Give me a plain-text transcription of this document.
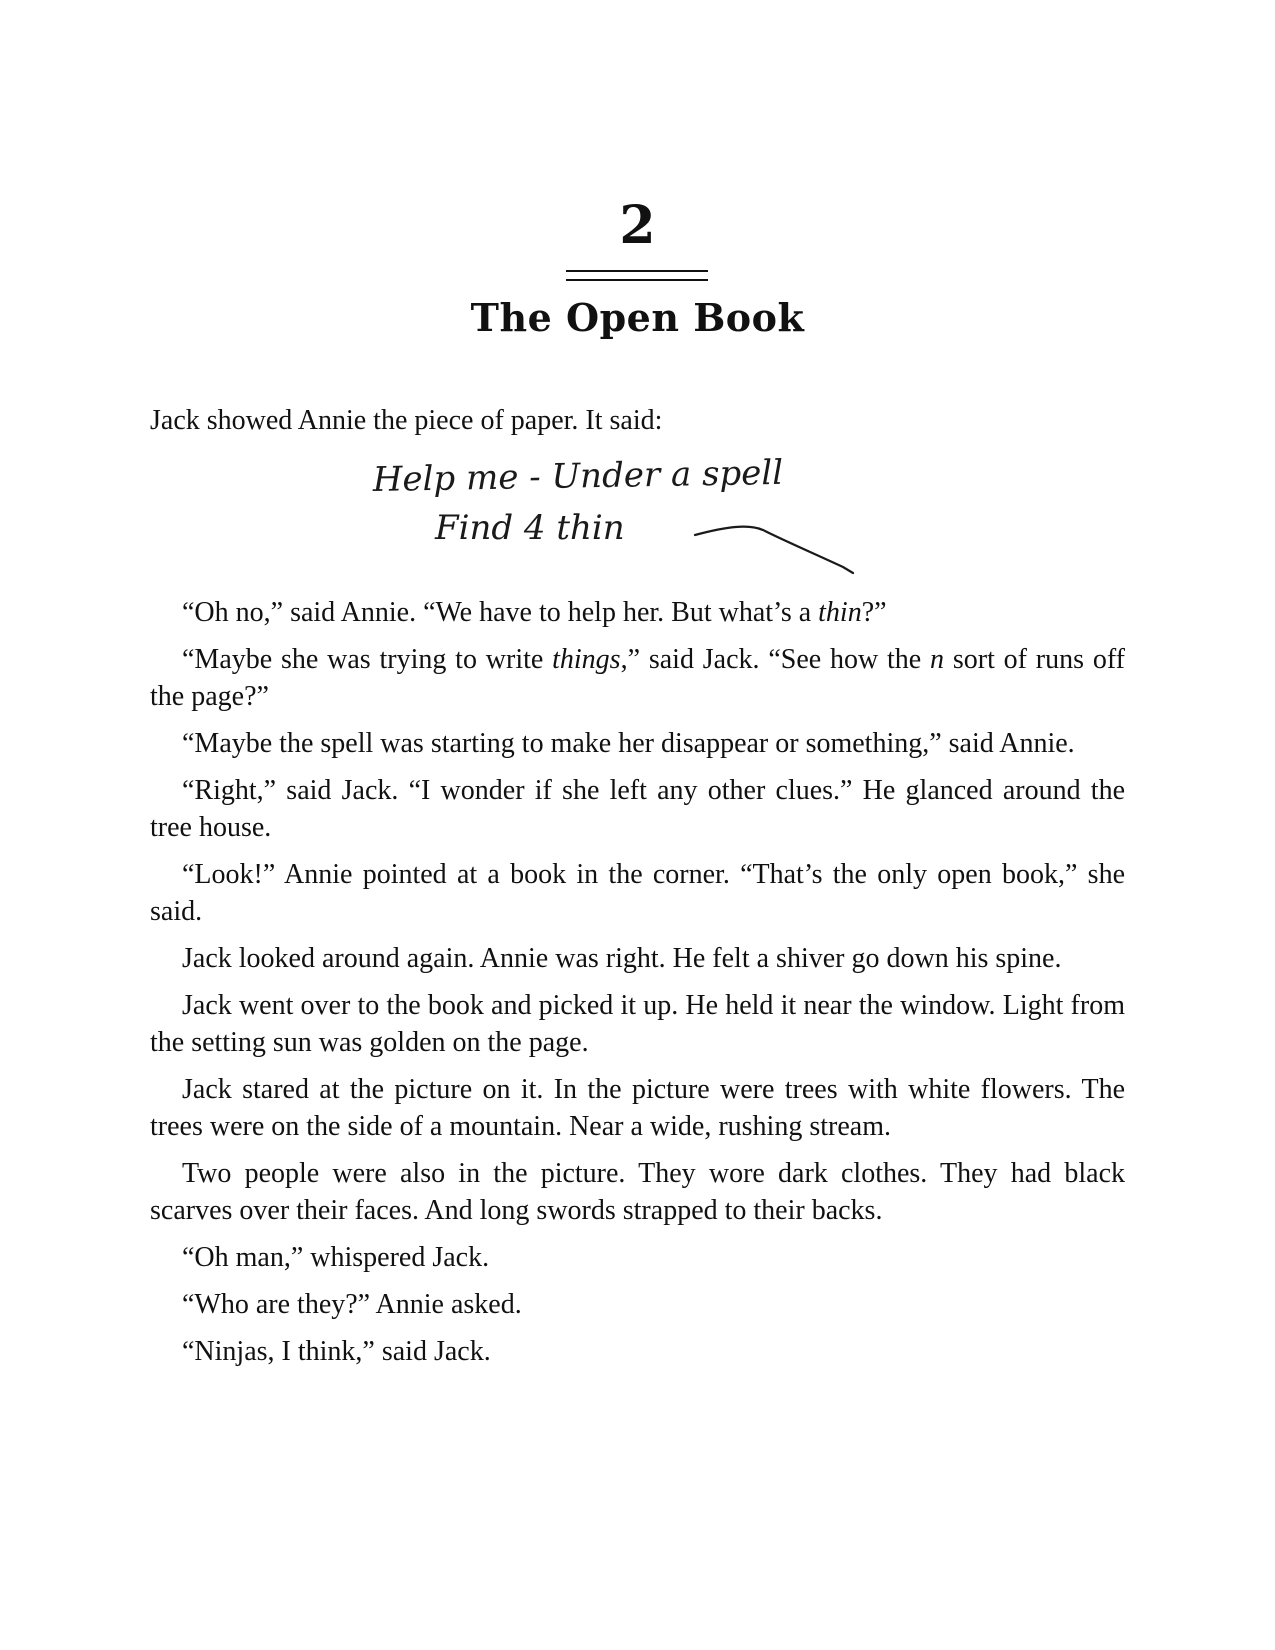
2
The Open Book

Jack showed Annie the piece of paper. It said:

Help me - Under a spell
Find 4 thin

“Oh no,” said Annie. “We have to help her. But what’s a thin?”

“Maybe she was trying to write things,” said Jack. “See how the n sort of runs off the page?”

“Maybe the spell was starting to make her disappear or something,” said Annie.

“Right,” said Jack. “I wonder if she left any other clues.” He glanced around the tree house.

“Look!” Annie pointed at a book in the corner. “That’s the only open book,” she said.

Jack looked around again. Annie was right. He felt a shiver go down his spine.

Jack went over to the book and picked it up. He held it near the window. Light from the setting sun was golden on the page.

Jack stared at the picture on it. In the picture were trees with white flowers. The trees were on the side of a mountain. Near a wide, rushing stream.

Two people were also in the picture. They wore dark clothes. They had black scarves over their faces. And long swords strapped to their backs.

“Oh man,” whispered Jack.

“Who are they?” Annie asked.

“Ninjas, I think,” said Jack.
